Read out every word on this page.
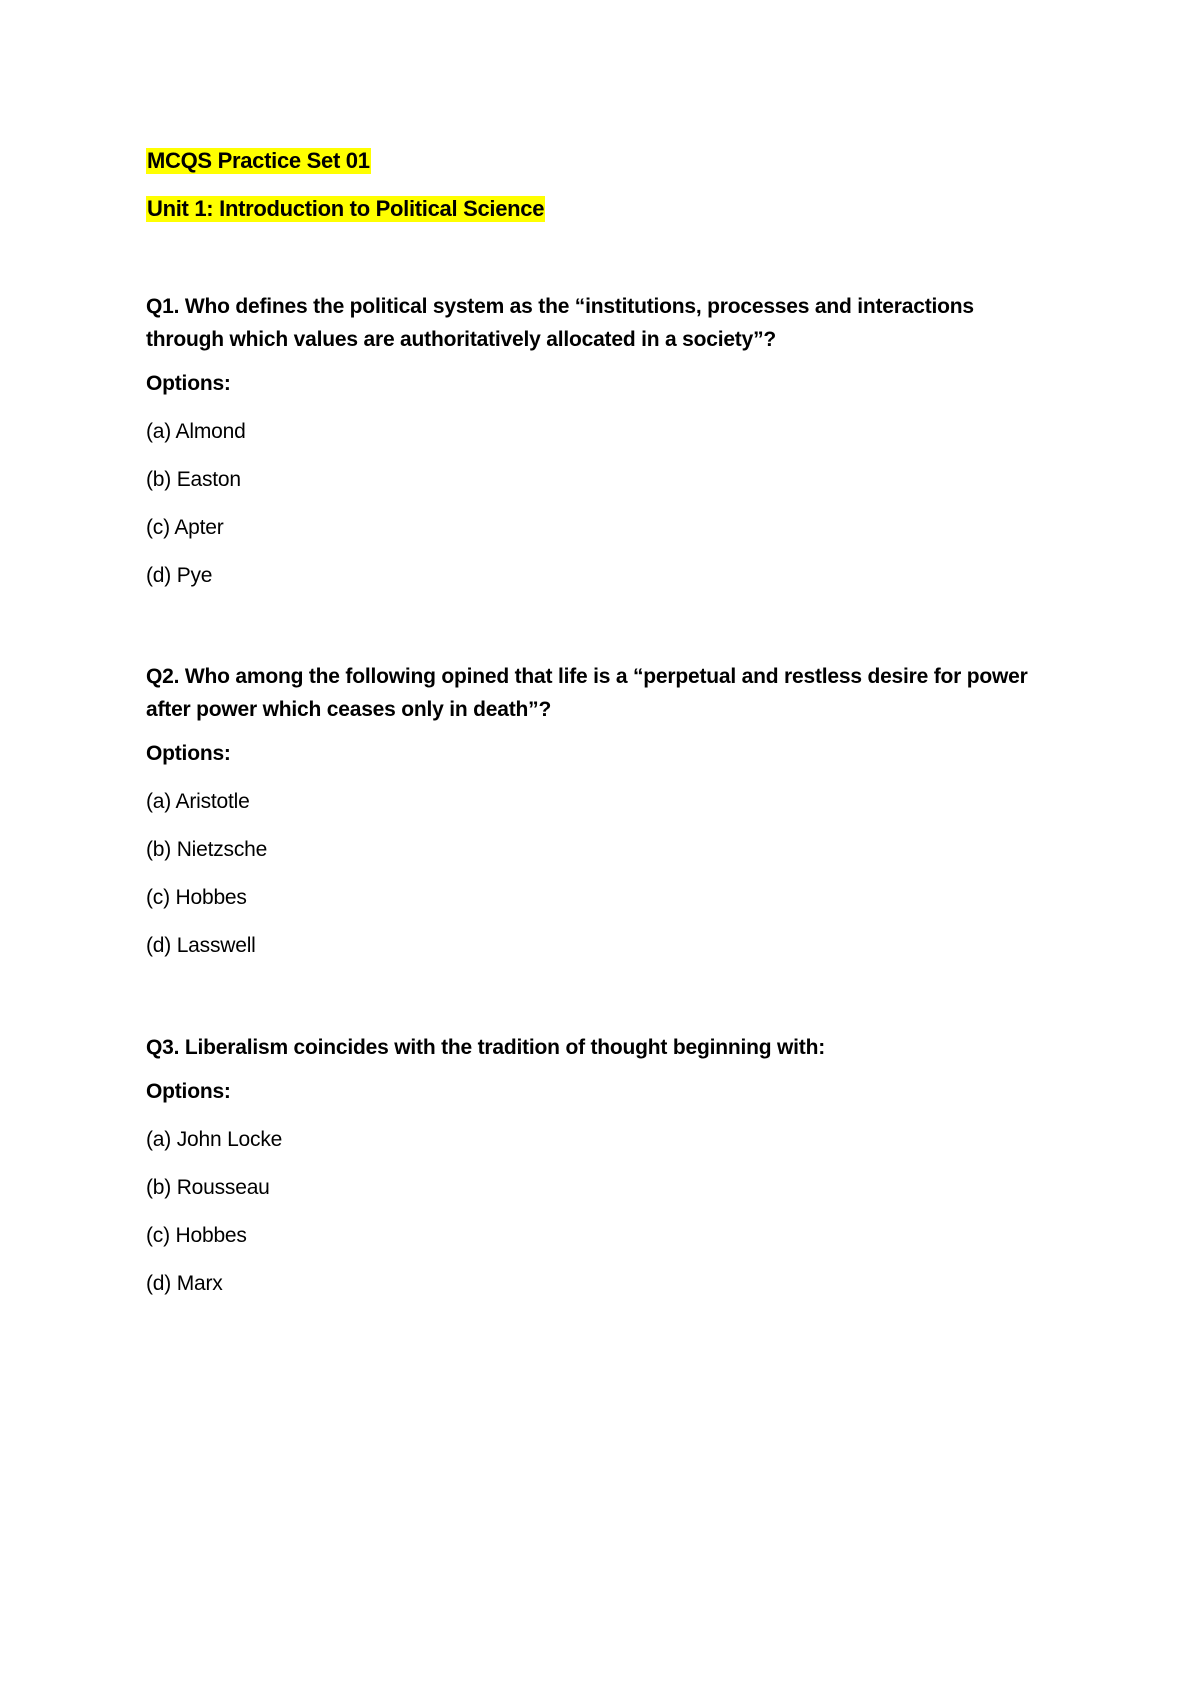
MCQS Practice Set 01
Unit 1: Introduction to Political Science

Q1. Who defines the political system as the “institutions, processes and interactions

through which values are authoritatively allocated in a society”?

Options:
(a) Almond
(b) Easton
(c) Apter
(d) Pye

Q2. Who among the following opined that life is a “perpetual and restless desire for power

after power which ceases only in death”?

Options:
(a) Aristotle
(b) Nietzsche
(c) Hobbes
(d) Lasswell

Q3. Liberalism coincides with the tradition of thought beginning with:

Options:
(a) John Locke
(b) Rousseau
(c) Hobbes
(d) Marx
